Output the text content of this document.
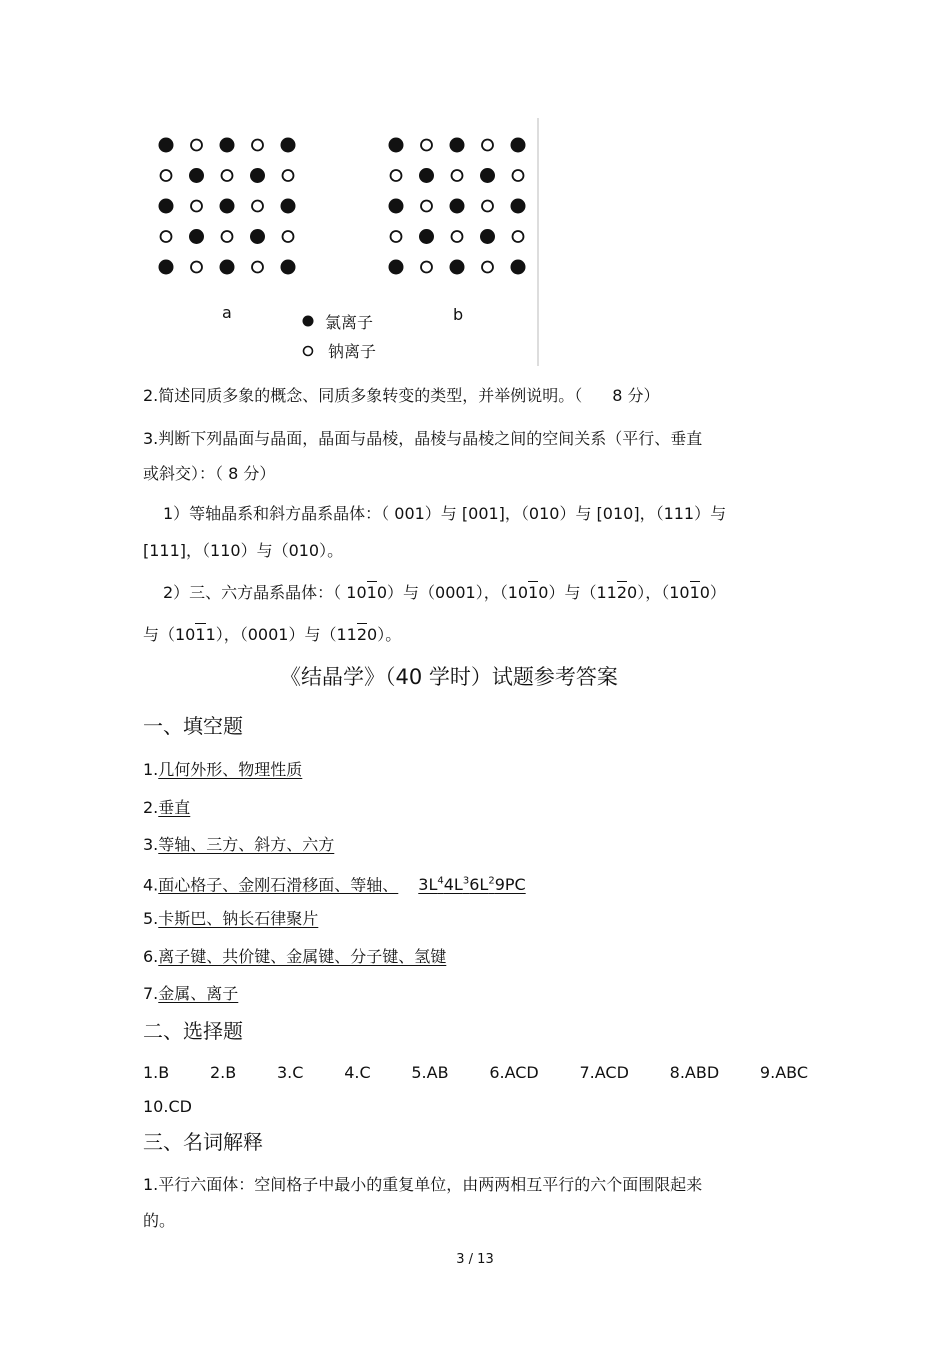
a	b
氯离子
钠离子
2.简述同质多象的概念、同质多象转变的类型，并举例说明。（ 8 分）
3.判断下列晶面与晶面，晶面与晶棱，晶棱与晶棱之间的空间关系（平行、垂直
或斜交）：（ 8 分）
1）等轴晶系和斜方晶系晶体：（ 001）与 [001]，（010）与 [010]，（111）与
[111]，（110）与（010）。
2）三、六方晶系晶体：（ 1010）与（0001），（1010）与（1120），（1010）
与（1011），（0001）与（1120）。
《结晶学》（40 学时）试题参考答案
一、填空题
1.几何外形、物理性质
2.垂直
3.等轴、三方、斜方、六方
4.面心格子、金刚石滑移面、等轴、 $3L^44L^36L^29PC$
5.卡斯巴、钠长石律聚片
6.离子键、共价键、金属键、分子键、氢键
7.金属、离子
二、选择题
1.B	2.B	3.C	4.C	5.AB	6.ACD	7.ACD	8.ABD	9.ABC
10.CD
三、名词解释
1.平行六面体：空间格子中最小的重复单位，由两两相互平行的六个面围限起来
的。
3 / 13
